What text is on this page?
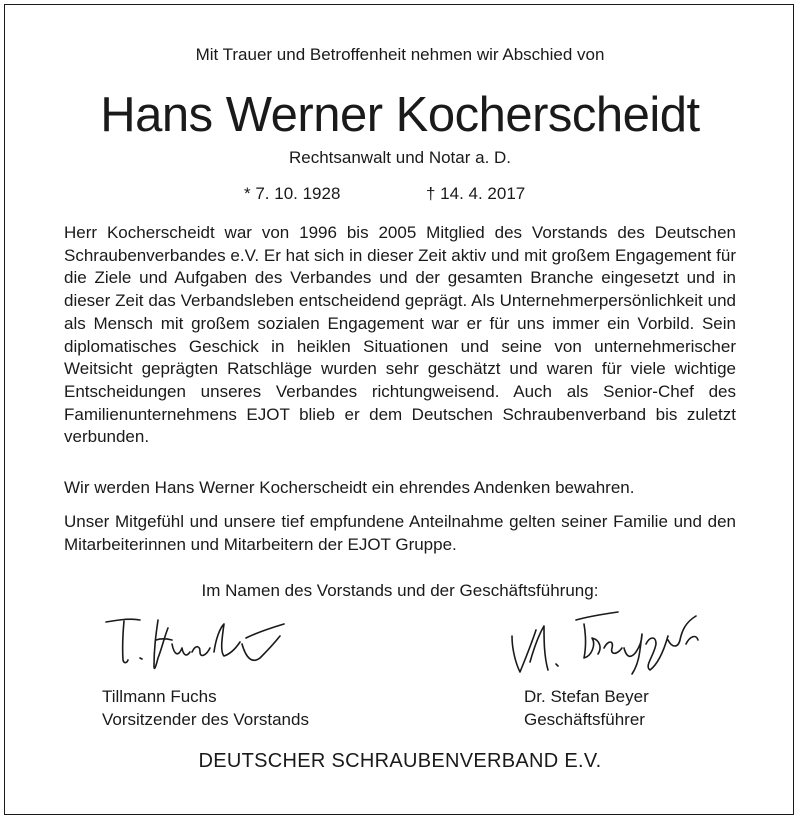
Mit Trauer und Betroffenheit nehmen wir Abschied von
Hans Werner Kocherscheidt
Rechtsanwalt und Notar a. D.
* 7. 10. 1928	† 14. 4. 2017
Herr Kocherscheidt war von 1996 bis 2005 Mitglied des Vorstands des Deutschen Schraubenverbandes e.V. Er hat sich in dieser Zeit aktiv und mit großem Engagement für die Ziele und Aufgaben des Verbandes und der gesamten Branche eingesetzt und in dieser Zeit das Verbandsleben entscheidend geprägt. Als Unternehmerpersönlichkeit und als Mensch mit großem sozialen Engagement war er für uns immer ein Vorbild. Sein diplomatisches Geschick in heiklen Situationen und seine von unternehmerischer Weitsicht geprägten Ratschläge wurden sehr geschätzt und waren für viele wichtige Entscheidungen unseres Verbandes richtungweisend. Auch als Senior-Chef des Familienunternehmens EJOT blieb er dem Deutschen Schraubenverband bis zuletzt verbunden.
Wir werden Hans Werner Kocherscheidt ein ehrendes Andenken bewahren.
Unser Mitgefühl und unsere tief empfundene Anteilnahme gelten seiner Familie und den Mitarbeiterinnen und Mitarbeitern der EJOT Gruppe.
Im Namen des Vorstands und der Geschäftsführung:
Tillmann Fuchs
Vorsitzender des Vorstands
Dr. Stefan Beyer
Geschäftsführer
DEUTSCHER SCHRAUBENVERBAND E.V.
